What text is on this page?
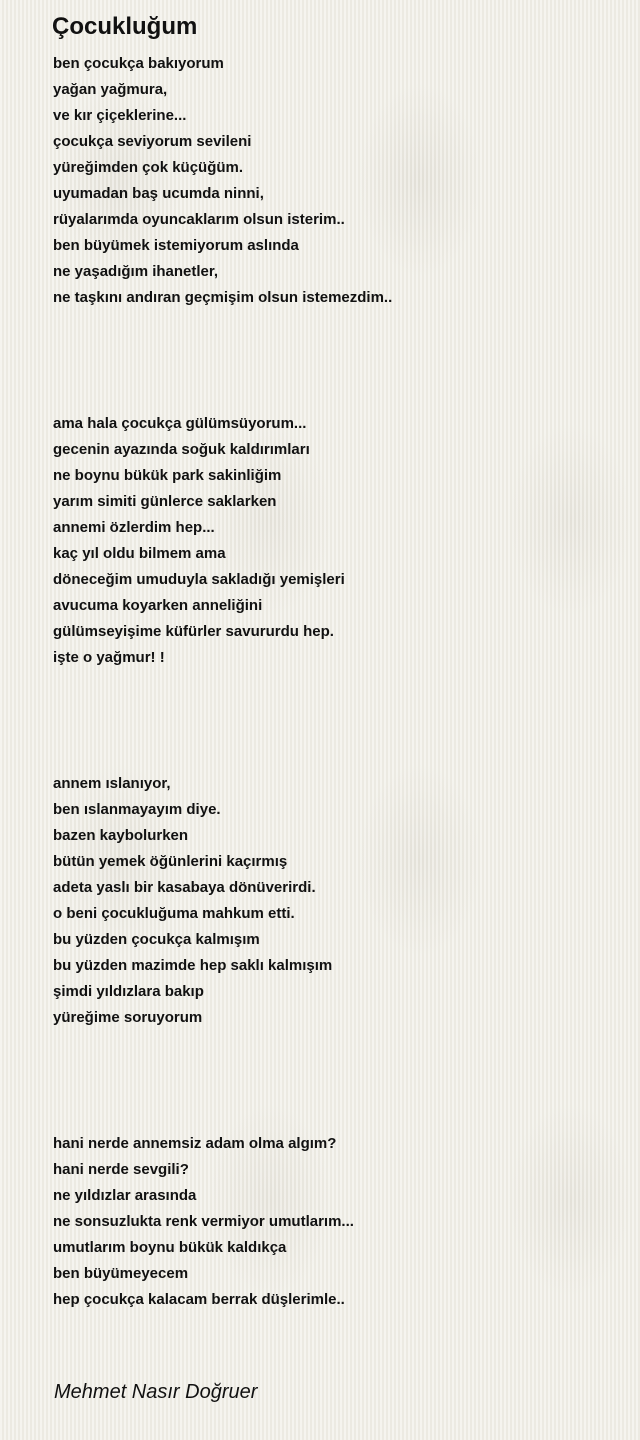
Çocukluğum
ben çocukça bakıyorum
yağan yağmura,
ve kır çiçeklerine...
çocukça seviyorum sevileni
yüreğimden çok küçüğüm.
uyumadan baş ucumda ninni,
rüyalarımda oyuncaklarım olsun isterim..
ben büyümek istemiyorum aslında
ne yaşadığım ihanetler,
ne taşkını andıran geçmişim olsun istemezdim..
ama hala çocukça gülümsüyorum...
gecenin ayazında soğuk kaldırımları
ne boynu bükük park sakinliğim
yarım simiti günlerce saklarken
annemi özlerdim hep...
kaç yıl oldu bilmem ama
döneceğim umuduyla sakladığı yemişleri
avucuma koyarken anneliğini
gülümseyişime küfürler savururdu hep.
işte o yağmur! !
annem ıslanıyor,
ben ıslanmayayım diye.
bazen kaybolurken
bütün yemek öğünlerini kaçırmış
adeta yaslı bir kasabaya dönüverirdi.
o beni çocukluğuma mahkum etti.
bu yüzden çocukça kalmışım
bu yüzden mazimde hep saklı kalmışım
şimdi yıldızlara bakıp
yüreğime soruyorum
hani nerde annemsiz adam olma algım?
hani nerde sevgili?
ne yıldızlar arasında
ne sonsuzlukta renk vermiyor umutlarım...
umutlarım boynu bükük kaldıkça
ben büyümeyecem
hep çocukça kalacam berrak düşlerimle..
Mehmet Nasır Doğruer
